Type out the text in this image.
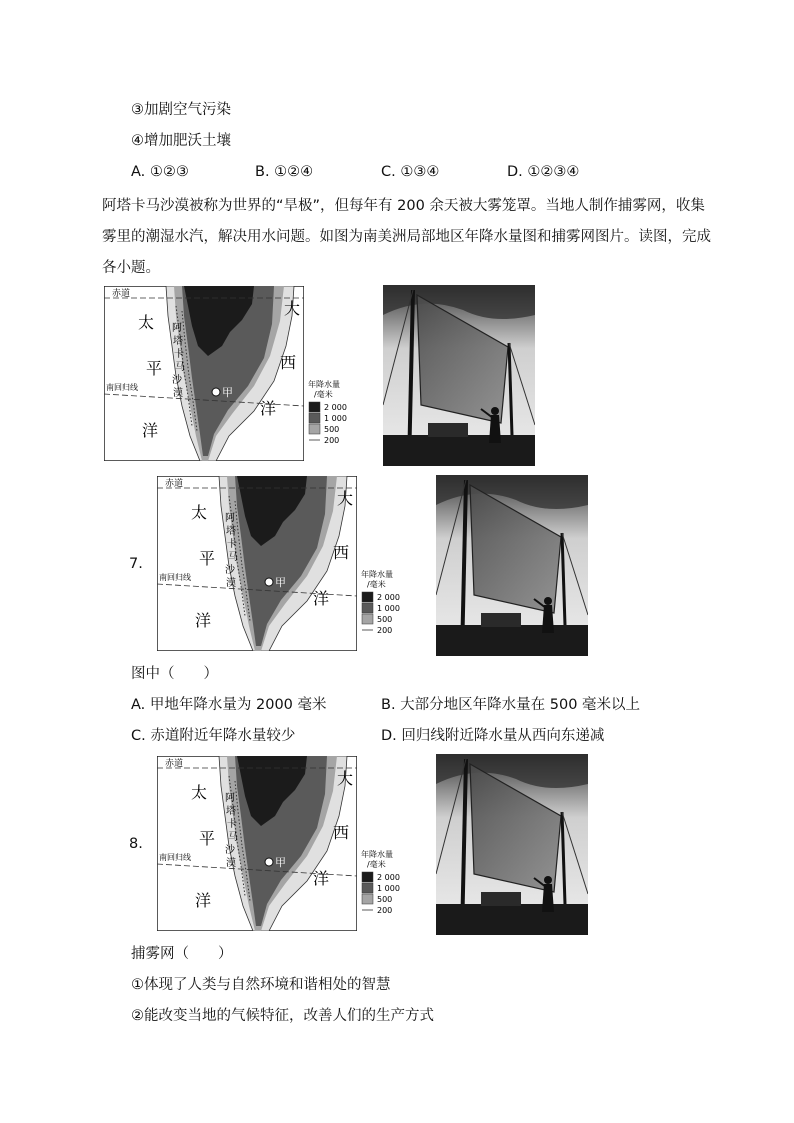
③加剧空气污染
④增加肥沃土壤
A. ①②③	B. ①②④	C. ①③④	D. ①②③④
阿塔卡马沙漠被称为世界的“旱极”，但每年有 200 余天被大雾笼罩。当地人制作捕雾网，收集
雾里的潮湿水汽，解决用水问题。如图为南美洲局部地区年降水量图和捕雾网图片。读图，完成
各小题。
赤道
南回归线
太
平
洋
大
西
洋
阿
塔
卡
马
沙
漠	甲
年降水量
/毫米
2 000
1 000
500
200
7.
赤道
南回归线
太
平
洋
大
西
洋
阿
塔
卡
马
沙
漠	甲
年降水量
/毫米
2 000
1 000
500
200
图中（　　）
A. 甲地年降水量为 2000 毫米	B. 大部分地区年降水量在 500 毫米以上
C. 赤道附近年降水量较少	D. 回归线附近降水量从西向东递减
8.
赤道
南回归线
太
平
洋
大
西
洋
阿
塔
卡
马
沙
漠	甲
年降水量
/毫米
2 000
1 000
500
200
捕雾网（　　）
①体现了人类与自然环境和谐相处的智慧
②能改变当地的气候特征，改善人们的生产方式
